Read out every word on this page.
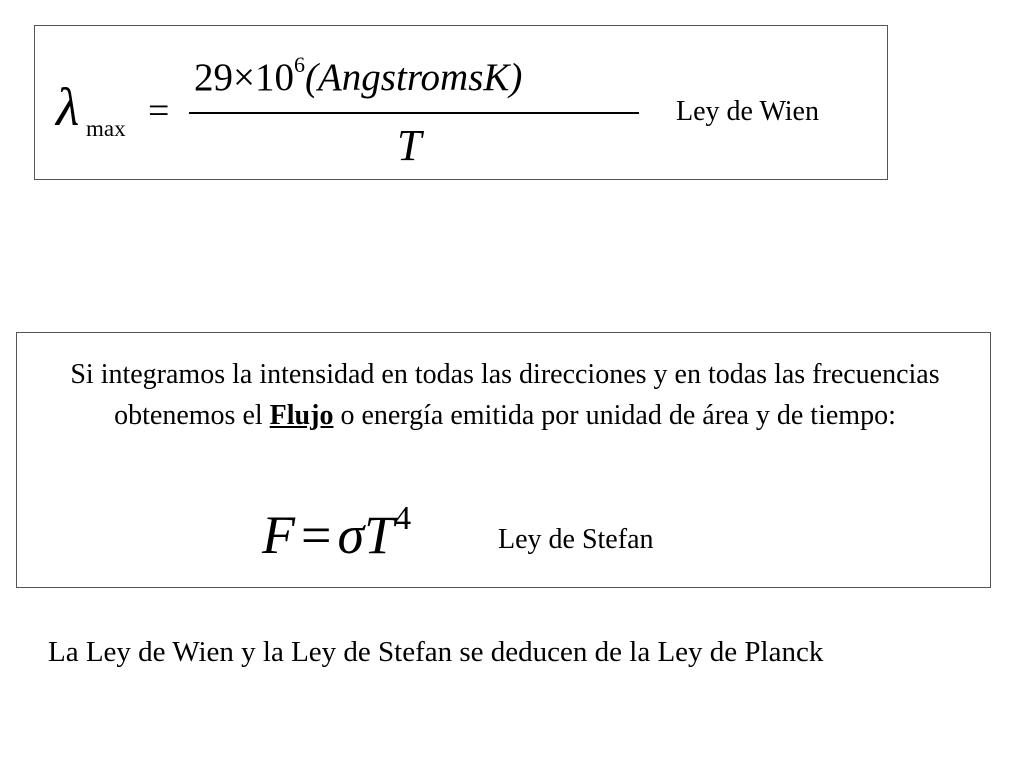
λ max =
$29\times 10^6(AngstromsK)$
T
Ley de Wien
Si integramos la intensidad en todas las direcciones y en todas las frecuencias obtenemos el Flujo o energía emitida por unidad de área y de tiempo:
$F = \sigma T^4$
Ley de Stefan
La Ley de Wien y la Ley de Stefan se deducen de la Ley de Planck
